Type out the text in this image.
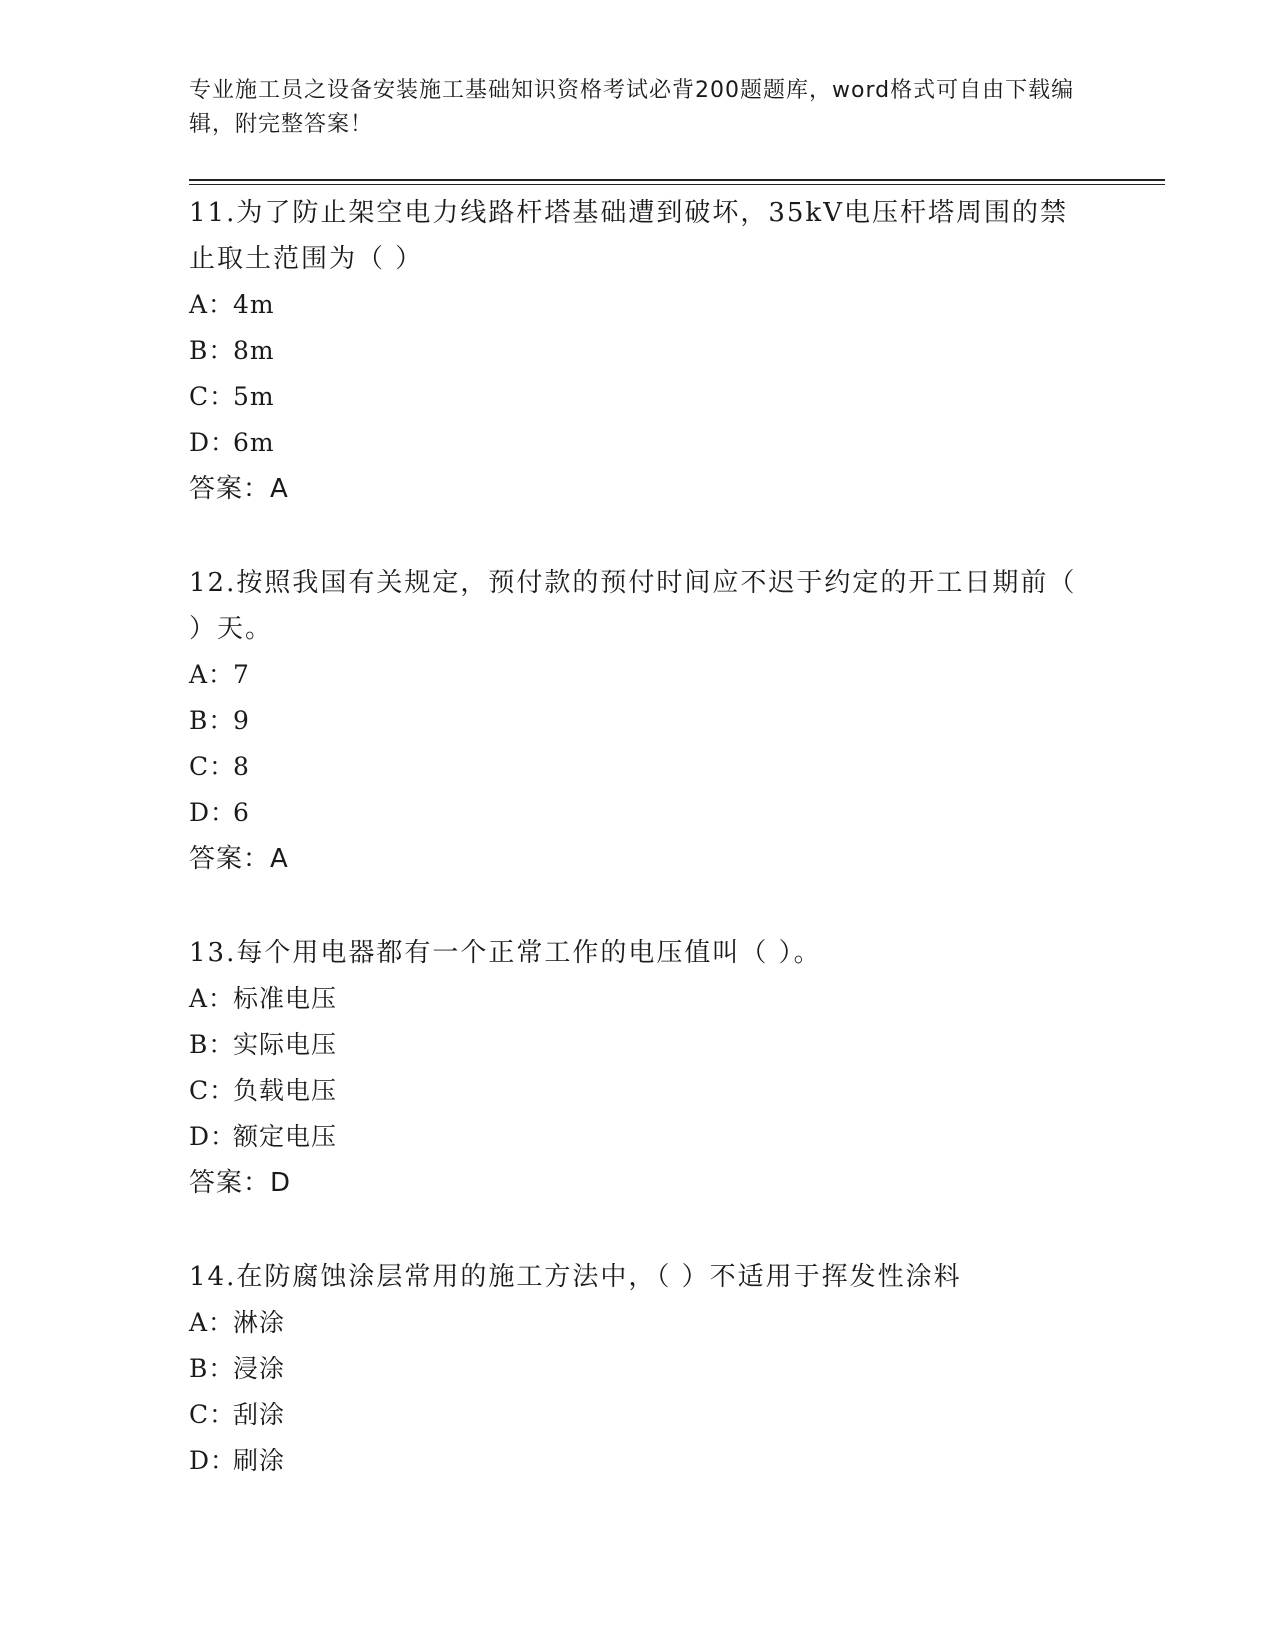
专业施工员之设备安装施工基础知识资格考试必背200题题库，word格式可自由下载编辑，附完整答案！

11.为了防止架空电力线路杆塔基础遭到破坏，35kV电压杆塔周围的禁止取土范围为（ ）

A：4m

B：8m

C：5m

D：6m

答案：A

12.按照我国有关规定，预付款的预付时间应不迟于约定的开工日期前（ ）天。

A：7

B：9

C：8

D：6

答案：A

13.每个用电器都有一个正常工作的电压值叫（ ）。

A：标准电压

B：实际电压

C：负载电压

D：额定电压

答案：D

14.在防腐蚀涂层常用的施工方法中，（ ）不适用于挥发性涂料

A：淋涂

B：浸涂

C：刮涂

D：刷涂
